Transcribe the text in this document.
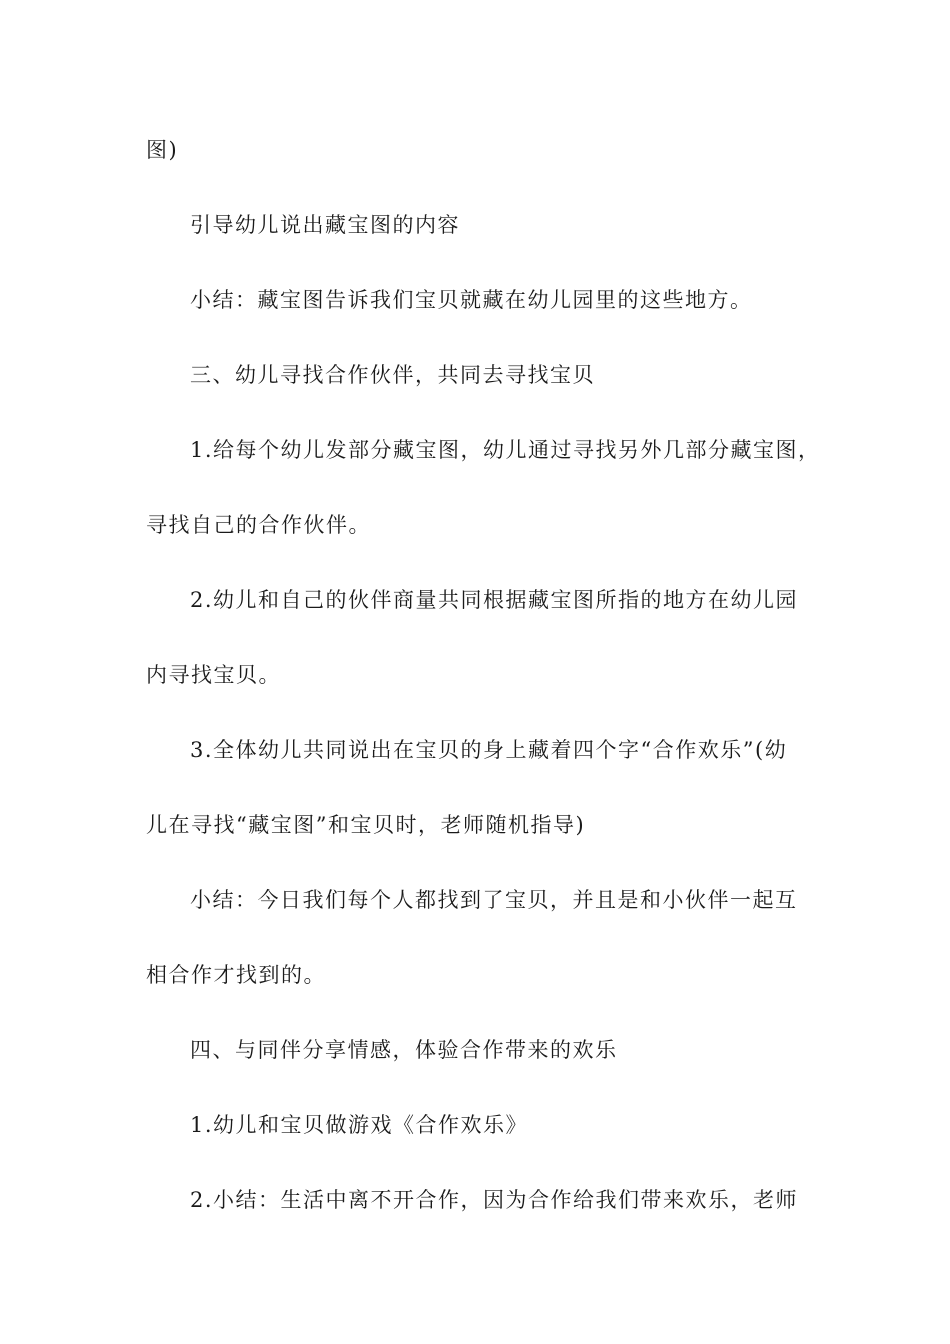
图)
引导幼儿说出藏宝图的内容
小结：藏宝图告诉我们宝贝就藏在幼儿园里的这些地方。
三、幼儿寻找合作伙伴，共同去寻找宝贝
1.给每个幼儿发部分藏宝图，幼儿通过寻找另外几部分藏宝图，
寻找自己的合作伙伴。
2.幼儿和自己的伙伴商量共同根据藏宝图所指的地方在幼儿园
内寻找宝贝。
3.全体幼儿共同说出在宝贝的身上藏着四个字“合作欢乐”(幼
儿在寻找“藏宝图”和宝贝时，老师随机指导)
小结：今日我们每个人都找到了宝贝，并且是和小伙伴一起互
相合作才找到的。
四、与同伴分享情感，体验合作带来的欢乐
1.幼儿和宝贝做游戏《合作欢乐》
2.小结：生活中离不开合作，因为合作给我们带来欢乐，老师
